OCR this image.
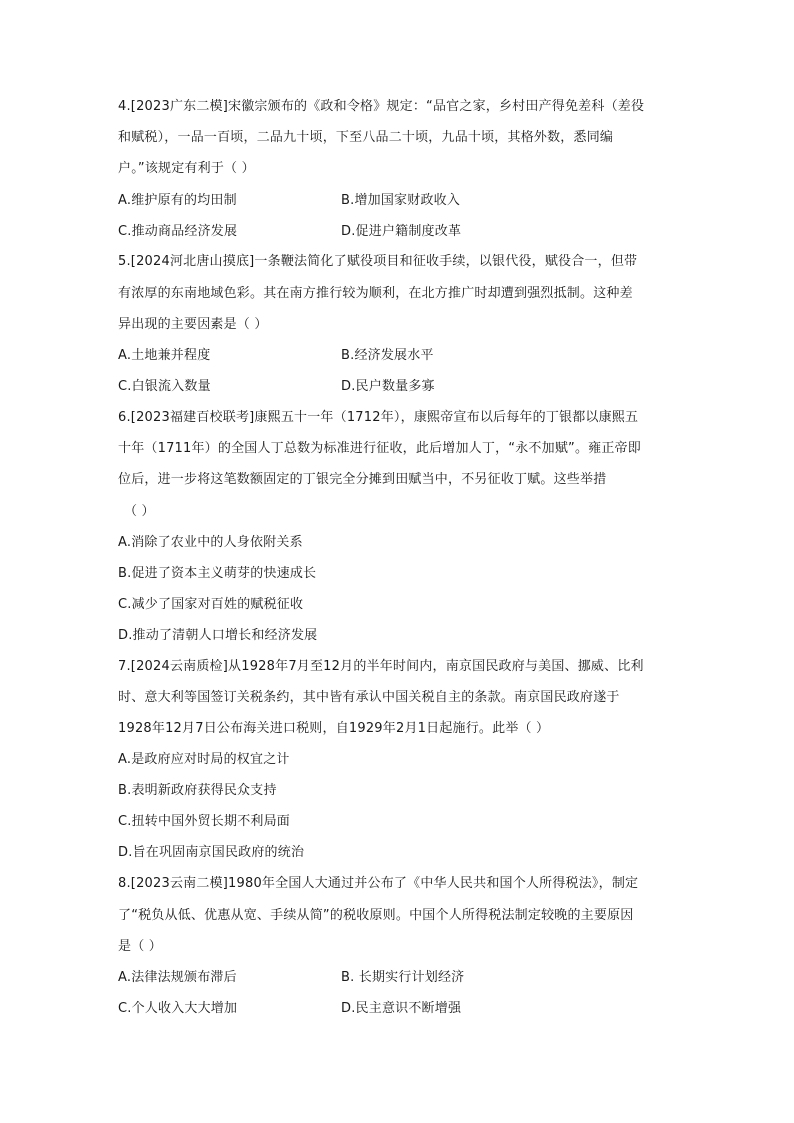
4.[2023广东二模]宋徽宗颁布的《政和令格》规定：“品官之家，乡村田产得免差科（差役
和赋税），一品一百顷，二品九十顷，下至八品二十顷，九品十顷，其格外数，悉同编
户。”该规定有利于（ ）
A.维护原有的均田制	B.增加国家财政收入
C.推动商品经济发展	D.促进户籍制度改革
5.[2024河北唐山摸底]一条鞭法简化了赋役项目和征收手续，以银代役，赋役合一，但带
有浓厚的东南地域色彩。其在南方推行较为顺利，在北方推广时却遭到强烈抵制。这种差
异出现的主要因素是（ ）
A.土地兼并程度	B.经济发展水平
C.白银流入数量	D.民户数量多寡
6.[2023福建百校联考]康熙五十一年（1712年），康熙帝宣布以后每年的丁银都以康熙五
十年（1711年）的全国人丁总数为标准进行征收，此后增加人丁，“永不加赋”。雍正帝即
位后，进一步将这笔数额固定的丁银完全分摊到田赋当中，不另征收丁赋。这些举措
（ ）
A.消除了农业中的人身依附关系
B.促进了资本主义萌芽的快速成长
C.减少了国家对百姓的赋税征收
D.推动了清朝人口增长和经济发展
7.[2024云南质检]从1928年7月至12月的半年时间内，南京国民政府与美国、挪威、比利
时、意大利等国签订关税条约，其中皆有承认中国关税自主的条款。南京国民政府遂于
1928年12月7日公布海关进口税则，自1929年2月1日起施行。此举（ ）
A.是政府应对时局的权宜之计
B.表明新政府获得民众支持
C.扭转中国外贸长期不利局面
D.旨在巩固南京国民政府的统治
8.[2023云南二模]1980年全国人大通过并公布了《中华人民共和国个人所得税法》，制定
了“税负从低、优惠从宽、手续从简”的税收原则。中国个人所得税法制定较晚的主要原因
是（ ）
A.法律法规颁布滞后	B. 长期实行计划经济
C.个人收入大大增加	D.民主意识不断增强
